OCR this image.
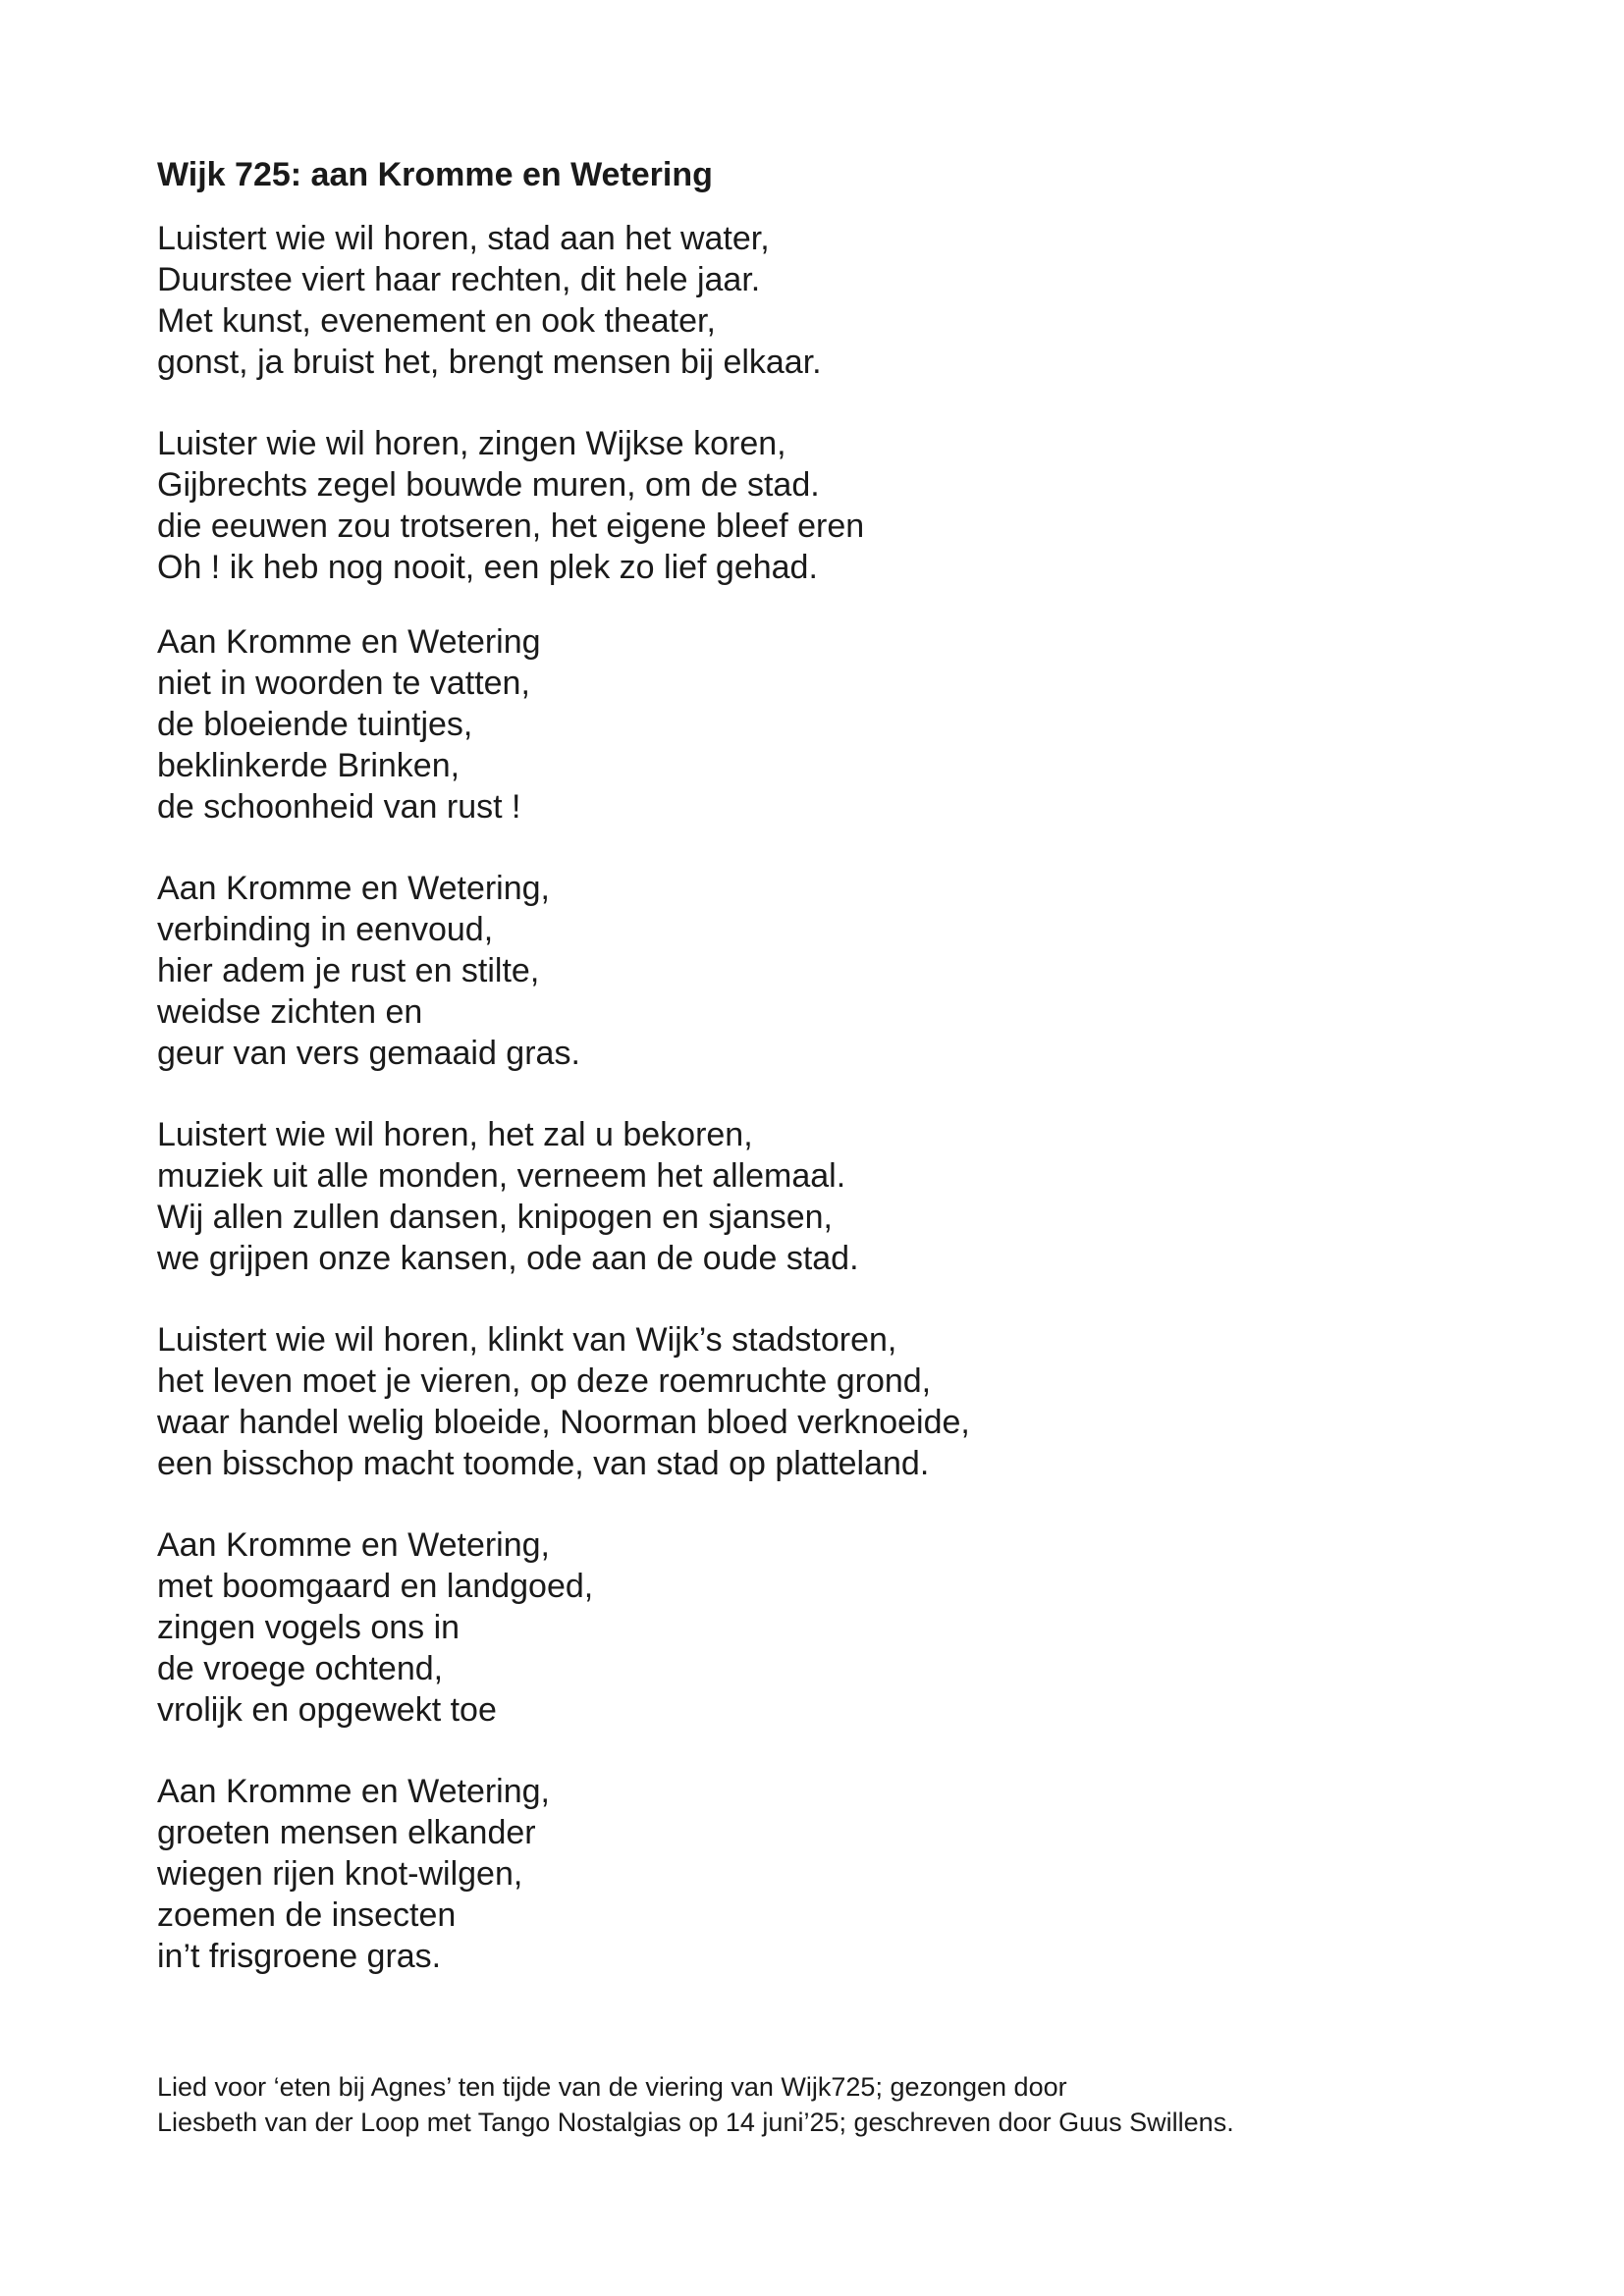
Wijk 725: aan Kromme en Wetering
Luistert wie wil horen, stad aan het water,
Duurstee viert haar rechten, dit hele jaar.
Met kunst, evenement en ook theater,
gonst, ja bruist het, brengt mensen bij elkaar.
Luister wie wil horen, zingen Wijkse koren,
Gijbrechts zegel bouwde muren, om de stad.
die eeuwen zou trotseren, het eigene bleef eren
Oh ! ik heb nog nooit, een plek zo lief gehad.
Aan Kromme en Wetering
niet in woorden te vatten,
de bloeiende tuintjes,
beklinkerde Brinken,
de schoonheid van rust !
Aan Kromme en Wetering,
verbinding in eenvoud,
hier adem je rust en stilte,
weidse zichten en
geur van vers gemaaid gras.
Luistert wie wil horen, het zal u bekoren,
muziek uit alle monden, verneem het allemaal.
Wij allen zullen dansen, knipogen en sjansen,
we grijpen onze kansen, ode aan de oude stad.
Luistert wie wil horen, klinkt van Wijk’s stadstoren,
het leven moet je vieren, op deze roemruchte grond,
waar handel welig bloeide, Noorman bloed verknoeide,
een bisschop macht toomde, van stad op platteland.
Aan Kromme en Wetering,
met boomgaard en landgoed,
zingen vogels ons in
de vroege ochtend,
vrolijk en opgewekt toe
Aan Kromme en Wetering,
groeten mensen elkander
wiegen rijen knot-wilgen,
zoemen de insecten
in’t frisgroene gras.
Lied voor ‘eten bij Agnes’ ten tijde van de viering van Wijk725; gezongen door
Liesbeth van der Loop met Tango Nostalgias op 14 juni’25; geschreven door Guus Swillens.
